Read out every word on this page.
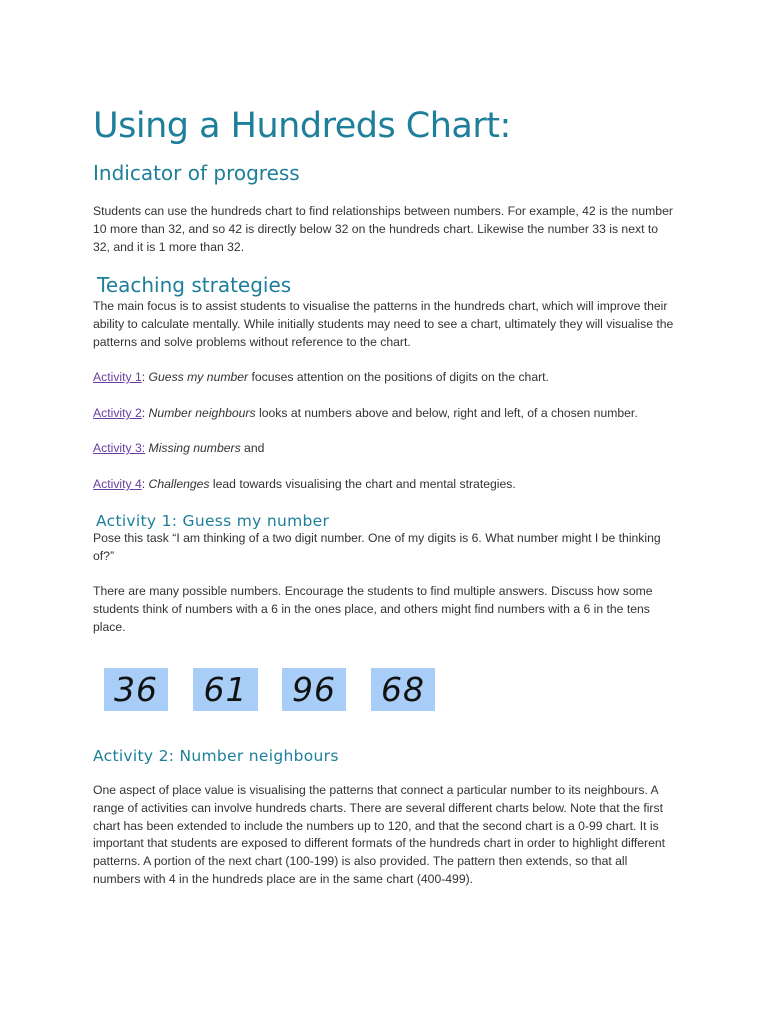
Using a Hundreds Chart:
Indicator of progress

Students can use the hundreds chart to find relationships between numbers. For example, 42 is the number 10 more than 32, and so 42 is directly below 32 on the hundreds chart. Likewise the number 33 is next to 32, and it is 1 more than 32.

Teaching strategies

The main focus is to assist students to visualise the patterns in the hundreds chart, which will improve their ability to calculate mentally. While initially students may need to see a chart, ultimately they will visualise the patterns and solve problems without reference to the chart.

Activity 1: Guess my number focuses attention on the positions of digits on the chart.

Activity 2: Number neighbours looks at numbers above and below, right and left, of a chosen number.

Activity 3: Missing numbers and

Activity 4: Challenges lead towards visualising the chart and mental strategies.

Activity 1: Guess my number

Pose this task “I am thinking of a two digit number. One of my digits is 6. What number might I be thinking of?”

There are many possible numbers. Encourage the students to find multiple answers. Discuss how some students think of numbers with a 6 in the ones place, and others might find numbers with a 6 in the tens place.

36	61	96	68
Activity 2: Number neighbours

One aspect of place value is visualising the patterns that connect a particular number to its neighbours. A range of activities can involve hundreds charts. There are several different charts below. Note that the first chart has been extended to include the numbers up to 120, and that the second chart is a 0-99 chart. It is important that students are exposed to different formats of the hundreds chart in order to highlight different patterns. A portion of the next chart (100-199) is also provided. The pattern then extends, so that all numbers with 4 in the hundreds place are in the same chart (400-499).
